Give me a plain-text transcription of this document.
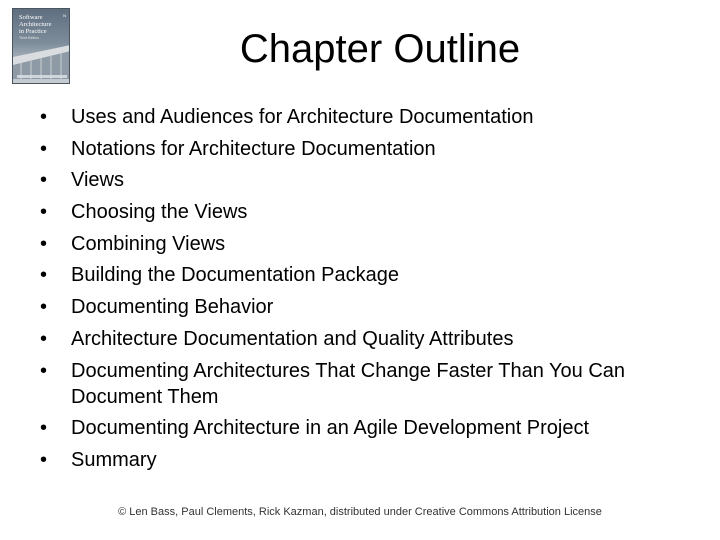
Software
Architecture
in Practice
Third Edition
N
Chapter Outline
• Uses and Audiences for Architecture Documentation
• Notations for Architecture Documentation
• Views
• Choosing the Views
• Combining Views
• Building the Documentation Package
• Documenting Behavior
• Architecture Documentation and Quality Attributes
• Documenting Architectures That Change Faster Than You Can Document Them
• Documenting Architecture in an Agile Development Project
• Summary
© Len Bass, Paul Clements, Rick Kazman, distributed under Creative Commons Attribution License
